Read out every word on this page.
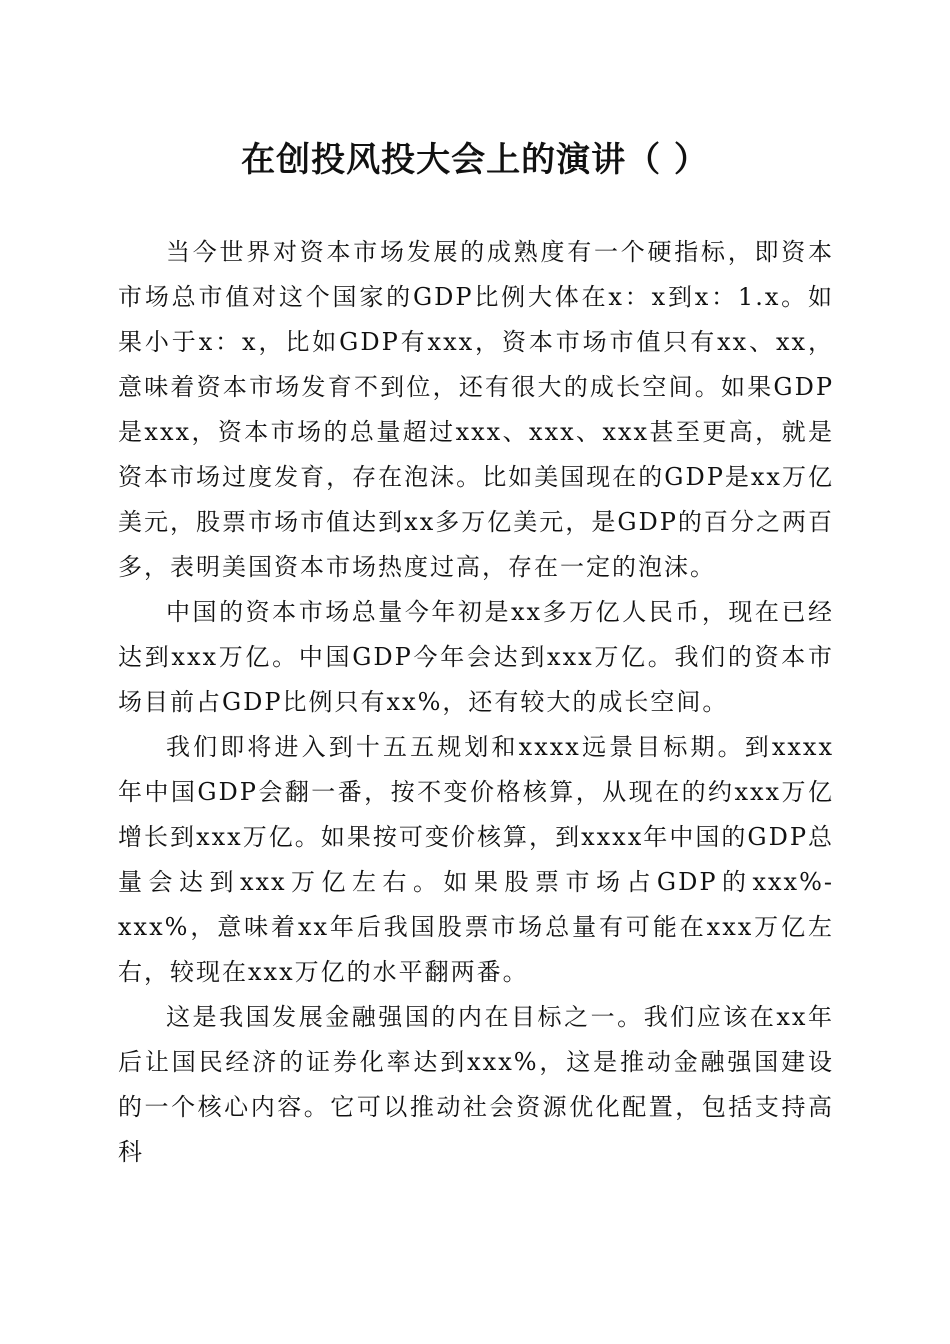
在创投风投大会上的演讲（ ）

当今世界对资本市场发展的成熟度有一个硬指标，即资本市场总市值对这个国家的GDP比例大体在x：x到x：1.x。如果小于x：x，比如GDP有xxx，资本市场市值只有xx、xx，意味着资本市场发育不到位，还有很大的成长空间。如果GDP是xxx，资本市场的总量超过xxx、xxx、xxx甚至更高，就是资本市场过度发育，存在泡沫。比如美国现在的GDP是xx万亿美元，股票市场市值达到xx多万亿美元，是GDP的百分之两百多，表明美国资本市场热度过高，存在一定的泡沫。

中国的资本市场总量今年初是xx多万亿人民币，现在已经达到xxx万亿。中国GDP今年会达到xxx万亿。我们的资本市场目前占GDP比例只有xx%，还有较大的成长空间。

我们即将进入到十五五规划和xxxx远景目标期。到xxxx年中国GDP会翻一番，按不变价格核算，从现在的约xxx万亿增长到xxx万亿。如果按可变价核算，到xxxx年中国的GDP总量会达到xxx万亿左右。如果股票市场占GDP的xxx%-xxx%，意味着xx年后我国股票市场总量有可能在xxx万亿左右，较现在xxx万亿的水平翻两番。

这是我国发展金融强国的内在目标之一。我们应该在xx年后让国民经济的证券化率达到xxx%，这是推动金融强国建设的一个核心内容。它可以推动社会资源优化配置，包括支持高科
